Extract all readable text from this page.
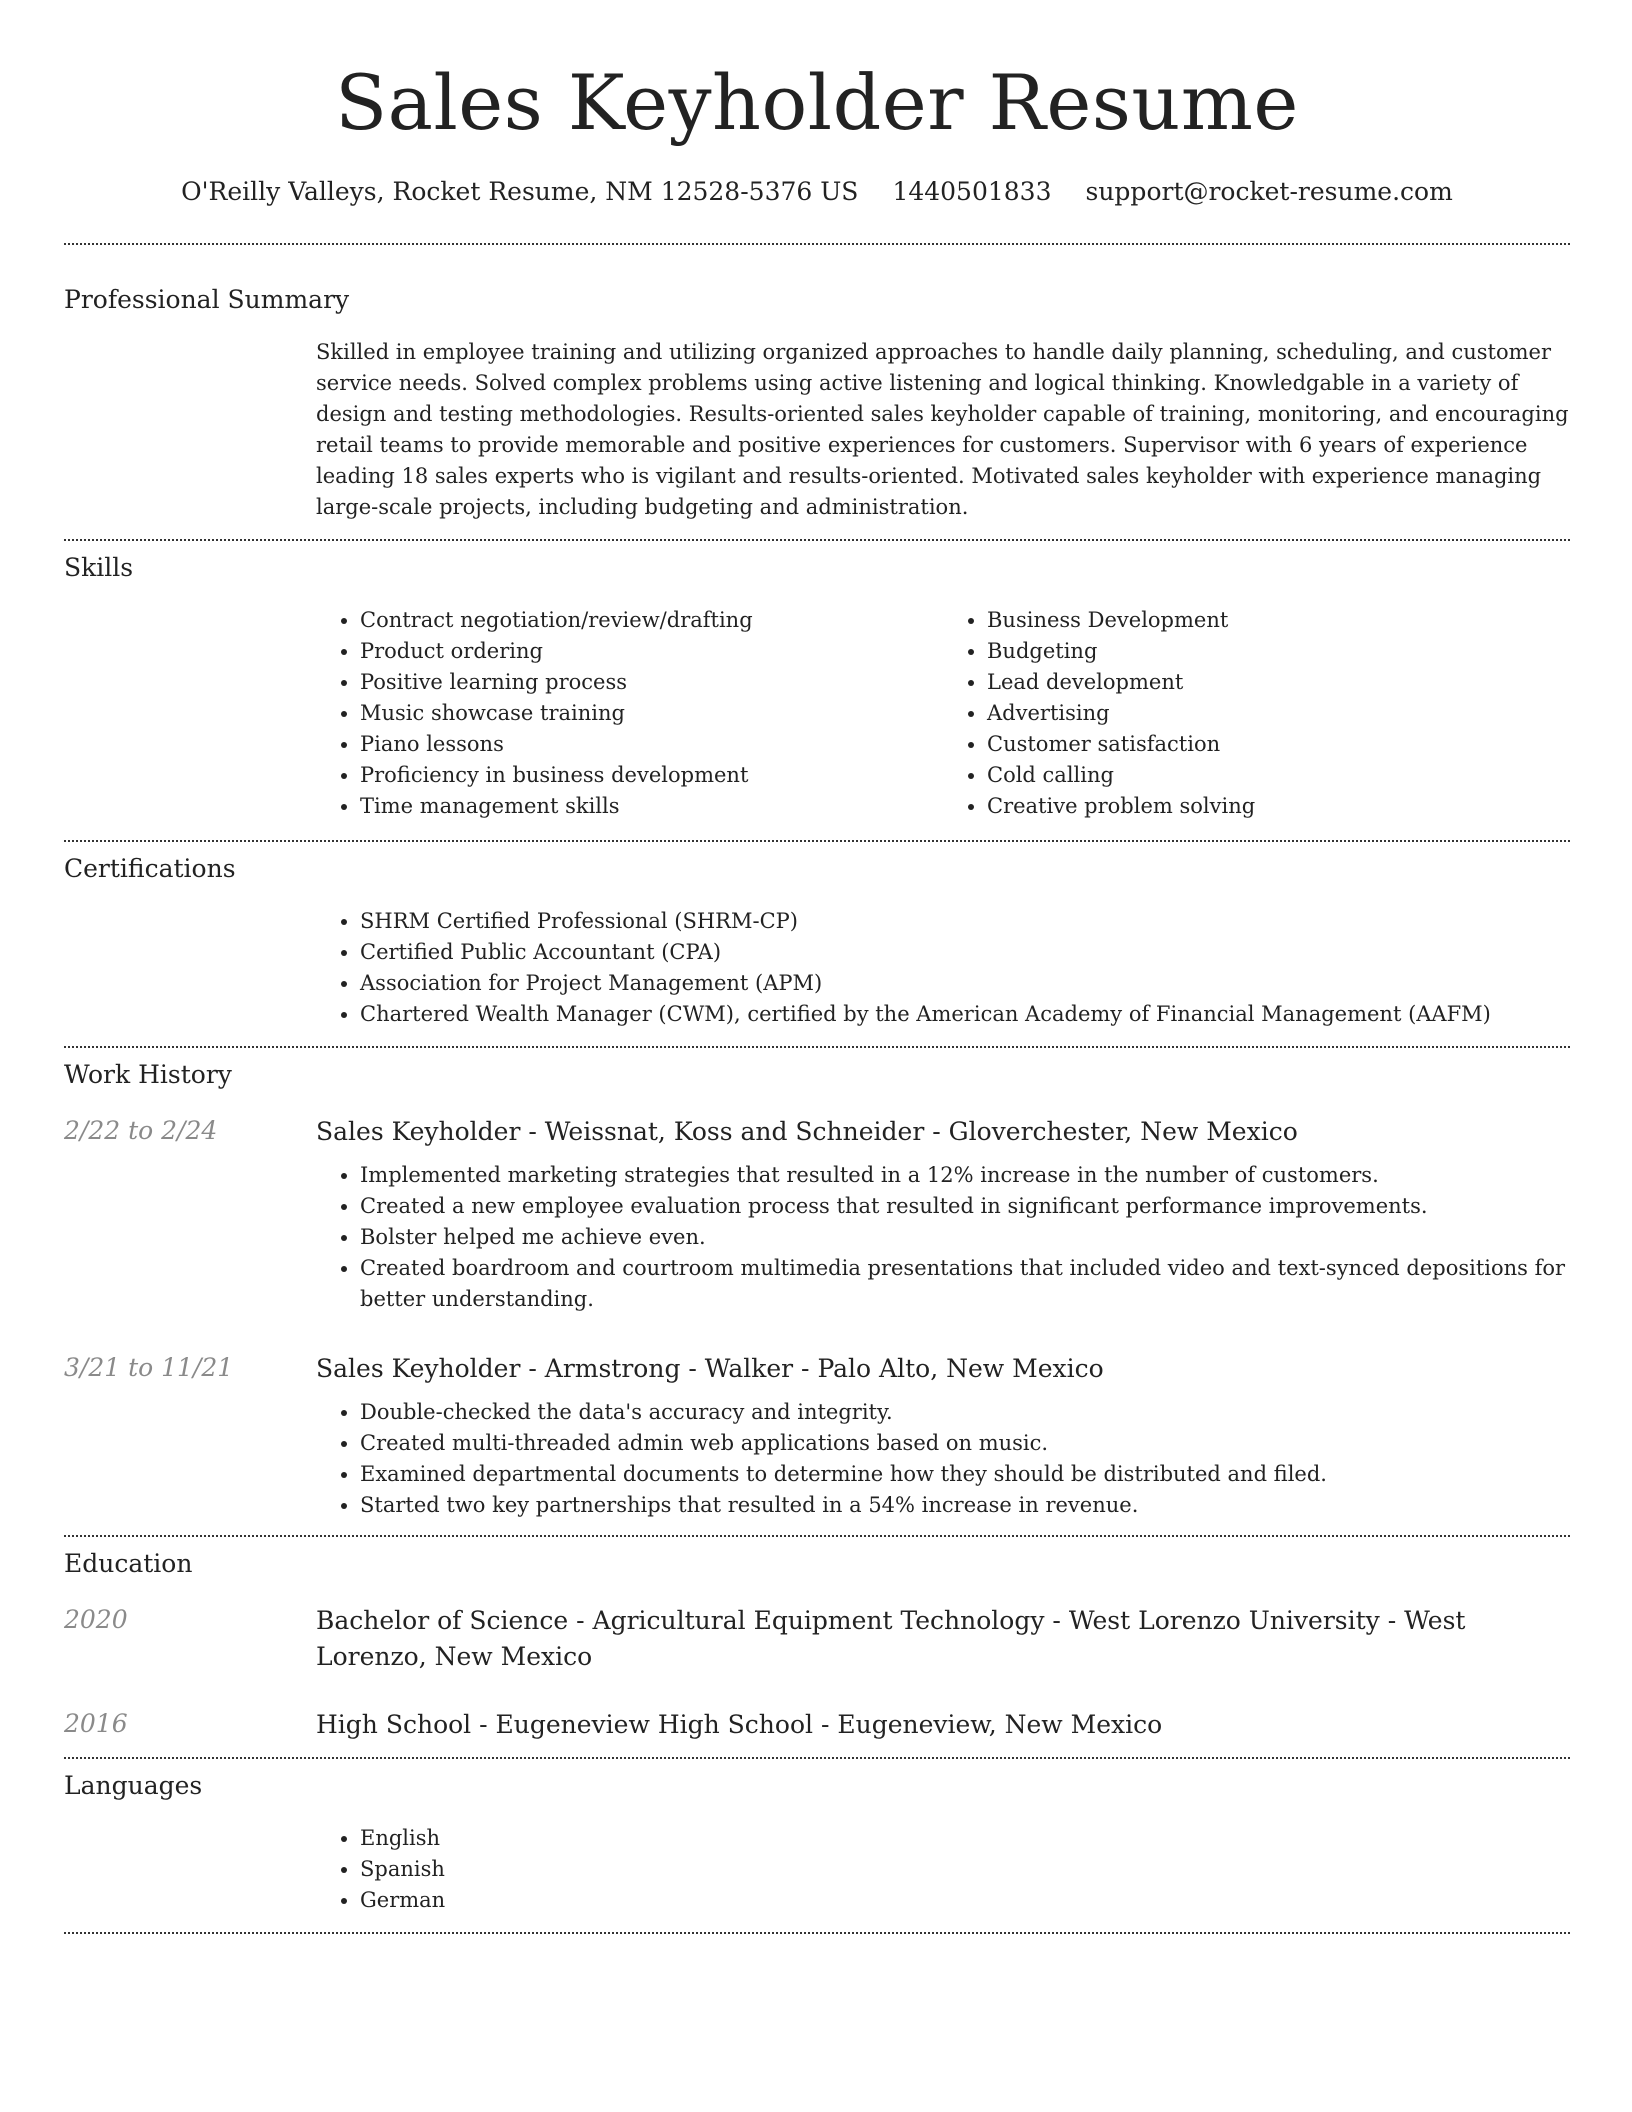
Sales Keyholder Resume
O'Reilly Valleys, Rocket Resume, NM 12528-5376 US 1440501833 support@rocket-resume.com
Professional Summary

Skilled in employee training and utilizing organized approaches to handle daily planning, scheduling, and customer service needs. Solved complex problems using active listening and logical thinking. Knowledgable in a variety of design and testing methodologies. Results-oriented sales keyholder capable of training, monitoring, and encouraging retail teams to provide memorable and positive experiences for customers. Supervisor with 6 years of experience leading 18 sales experts who is vigilant and results-oriented. Motivated sales keyholder with experience managing large-scale projects, including budgeting and administration.

Skills
• Contract negotiation/review/drafting
• Product ordering
• Positive learning process
• Music showcase training
• Piano lessons
• Proficiency in business development
• Time management skills
• Business Development
• Budgeting
• Lead development
• Advertising
• Customer satisfaction
• Cold calling
• Creative problem solving
Certifications
• SHRM Certified Professional (SHRM-CP)
• Certified Public Accountant (CPA)
• Association for Project Management (APM)
• Chartered Wealth Manager (CWM), certified by the American Academy of Financial Management (AAFM)
Work History
2/22 to 2/24	Sales Keyholder - Weissnat, Koss and Schneider - Gloverchester, New Mexico
• Implemented marketing strategies that resulted in a 12% increase in the number of customers.
• Created a new employee evaluation process that resulted in significant performance improvements.
• Bolster helped me achieve even.
• Created boardroom and courtroom multimedia presentations that included video and text-synced depositions for better understanding.
3/21 to 11/21	Sales Keyholder - Armstrong - Walker - Palo Alto, New Mexico
• Double-checked the data's accuracy and integrity.
• Created multi-threaded admin web applications based on music.
• Examined departmental documents to determine how they should be distributed and filed.
• Started two key partnerships that resulted in a 54% increase in revenue.
Education
2020	Bachelor of Science - Agricultural Equipment Technology - West Lorenzo University - West Lorenzo, New Mexico
2016	High School - Eugeneview High School - Eugeneview, New Mexico
Languages
• English
• Spanish
• German
